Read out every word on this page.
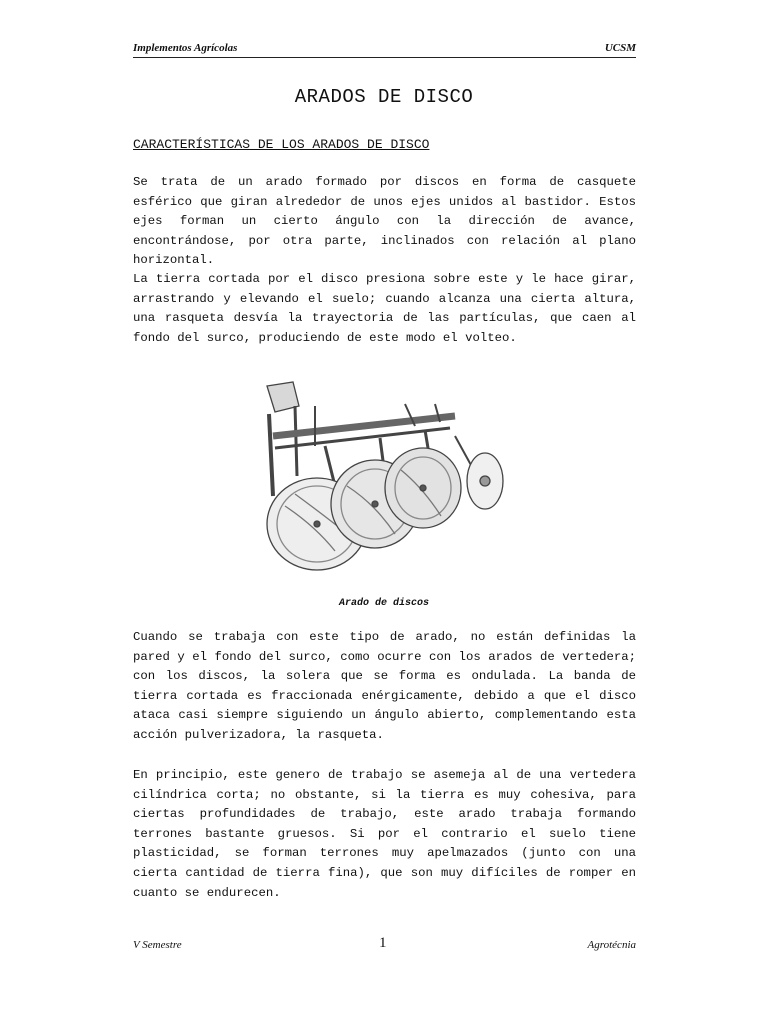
Implementos Agrícolas	UCSM
ARADOS DE DISCO
CARACTERÍSTICAS DE LOS ARADOS DE DISCO

Se trata de un arado formado por discos en forma de casquete esférico que giran alrededor de unos ejes unidos al bastidor. Estos ejes forman un cierto ángulo con la dirección de avance, encontrándose, por otra parte, inclinados con relación al plano horizontal.

La tierra cortada por el disco presiona sobre este y le hace girar, arrastrando y elevando el suelo; cuando alcanza una cierta altura, una rasqueta desvía la trayectoria de las partículas, que caen al fondo del surco, produciendo de este modo el volteo.

Arado de discos

Cuando se trabaja con este tipo de arado, no están definidas la pared y el fondo del surco, como ocurre con los arados de vertedera; con los discos, la solera que se forma es ondulada. La banda de tierra cortada es fraccionada enérgicamente, debido a que el disco ataca casi siempre siguiendo un ángulo abierto, complementando esta acción pulverizadora, la rasqueta.

En principio, este genero de trabajo se asemeja al de una vertedera cilíndrica corta; no obstante, si la tierra es muy cohesiva, para ciertas profundidades de trabajo, este arado trabaja formando terrones bastante gruesos. Si por el contrario el suelo tiene plasticidad, se forman terrones muy apelmazados (junto con una cierta cantidad de tierra fina), que son muy difíciles de romper en cuanto se endurecen.

V Semestre	1	Agrotécnia
